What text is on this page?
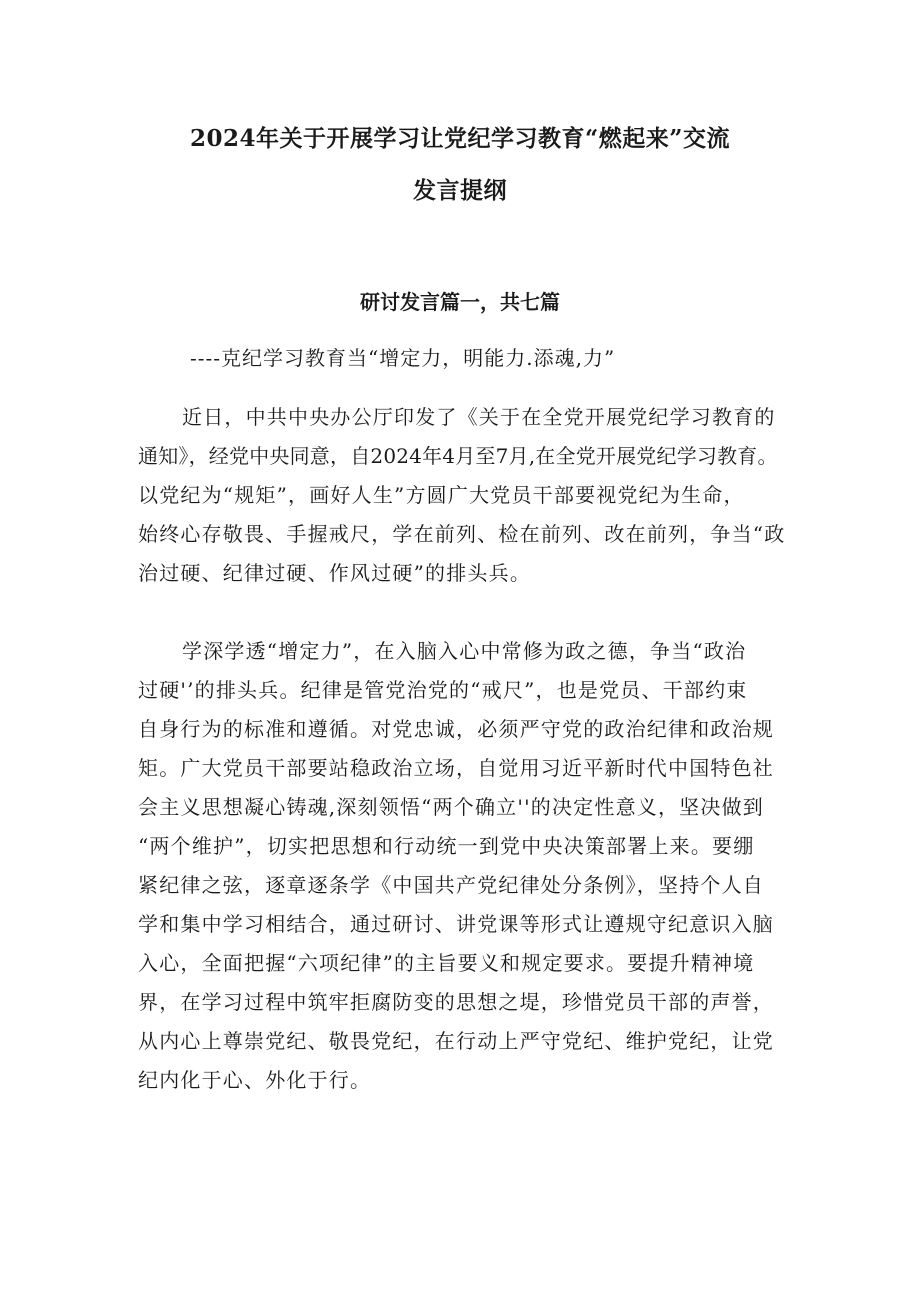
2024年关于开展学习让党纪学习教育“燃起来”交流
发言提纲
研讨发言篇一，共七篇
----克纪学习教育当“增定力，明能力.添魂,力”
近日，中共中央办公厅印发了《关于在全党开展党纪学习教育的
通知》，经党中央同意，自2024年4月至7月,在全党开展党纪学习教育。
以党纪为“规矩”，画好人生”方圆广大党员干部要视党纪为生命，
始终心存敬畏、手握戒尺，学在前列、检在前列、改在前列，争当“政
治过硬、纪律过硬、作风过硬”的排头兵。
学深学透“增定力”，在入脑入心中常修为政之德，争当“政治
过硬'’的排头兵。纪律是管党治党的“戒尺”，也是党员、干部约束
自身行为的标准和遵循。对党忠诚，必须严守党的政治纪律和政治规
矩。广大党员干部要站稳政治立场，自觉用习近平新时代中国特色社
会主义思想凝心铸魂,深刻领悟“两个确立''的决定性意义，坚决做到
“两个维护”，切实把思想和行动统一到党中央决策部署上来。要绷
紧纪律之弦，逐章逐条学《中国共产党纪律处分条例》，坚持个人自
学和集中学习相结合，通过研讨、讲党课等形式让遵规守纪意识入脑
入心，全面把握“六项纪律”的主旨要义和规定要求。要提升精神境
界，在学习过程中筑牢拒腐防变的思想之堤，珍惜党员干部的声誉，
从内心上尊崇党纪、敬畏党纪，在行动上严守党纪、维护党纪，让党
纪内化于心、外化于行。
